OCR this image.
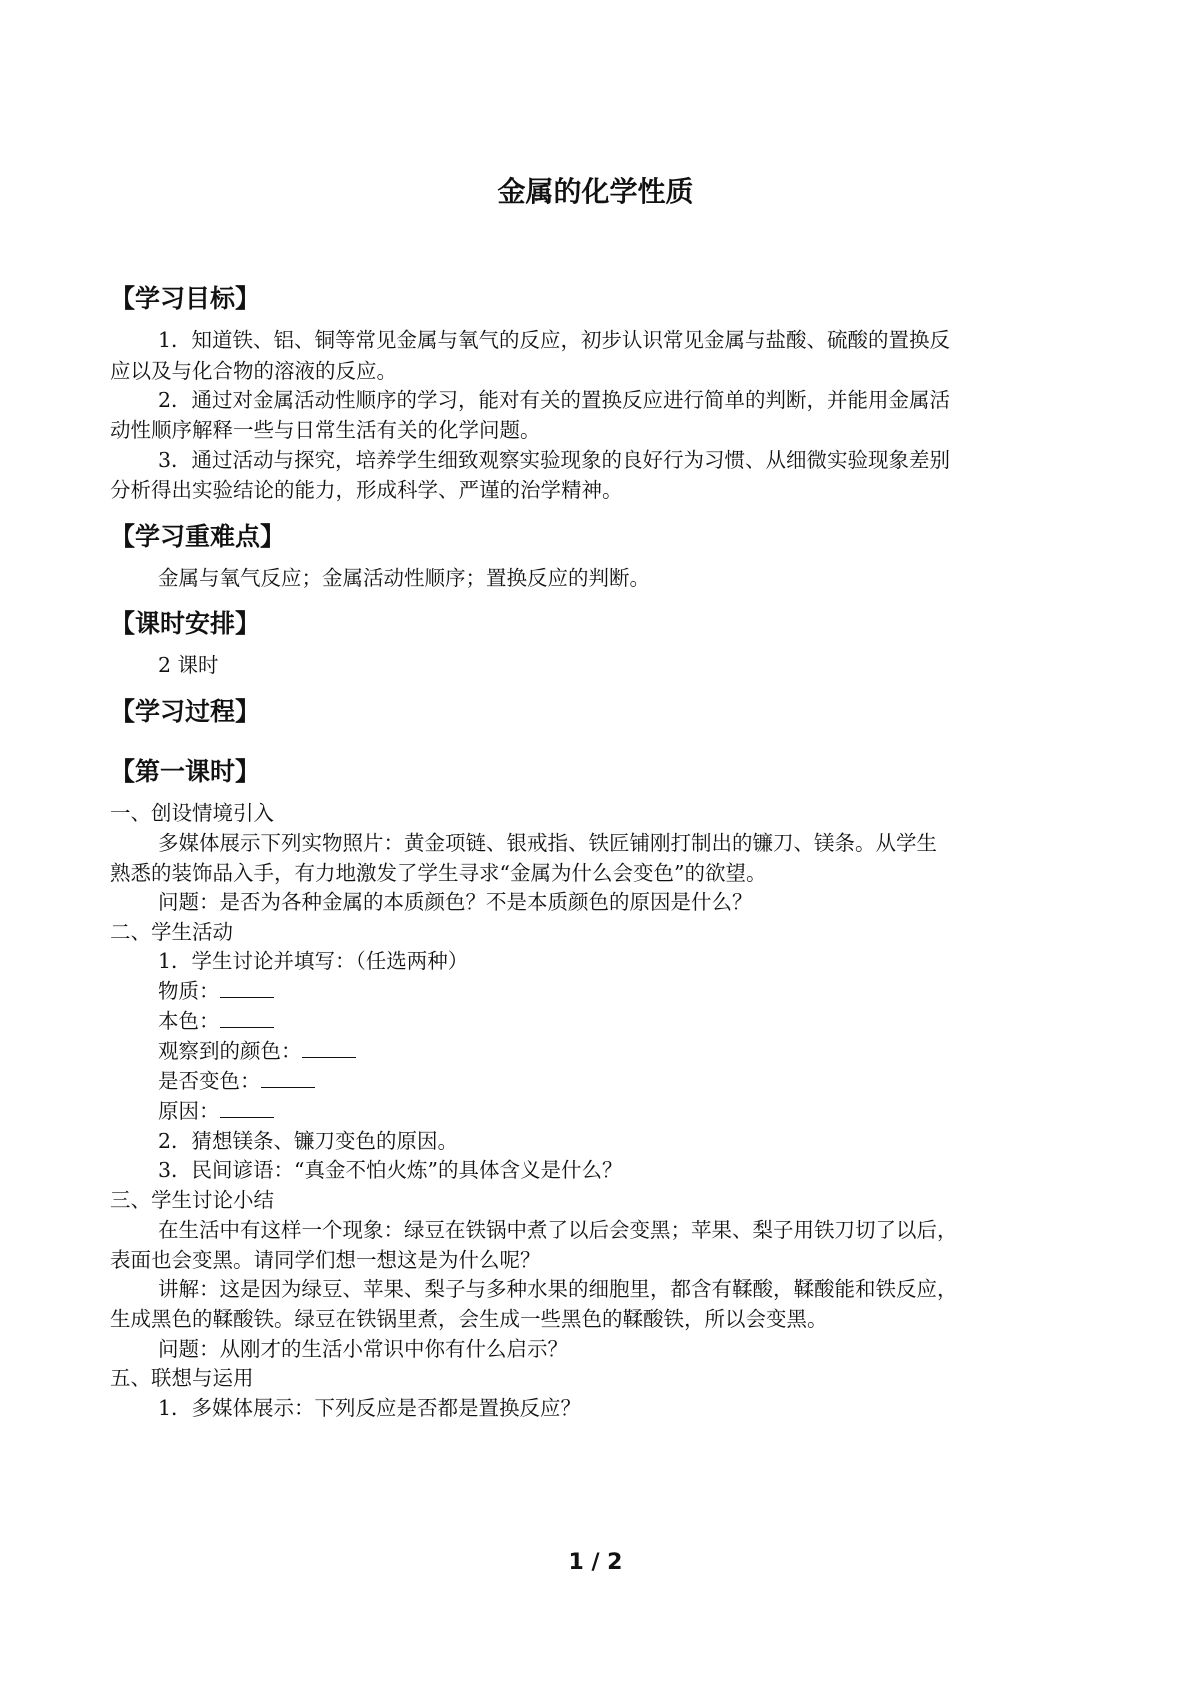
金属的化学性质
【学习目标】
1．知道铁、铝、铜等常见金属与氧气的反应，初步认识常见金属与盐酸、硫酸的置换反
应以及与化合物的溶液的反应。
2．通过对金属活动性顺序的学习，能对有关的置换反应进行简单的判断，并能用金属活
动性顺序解释一些与日常生活有关的化学问题。
3．通过活动与探究，培养学生细致观察实验现象的良好行为习惯、从细微实验现象差别
分析得出实验结论的能力，形成科学、严谨的治学精神。
【学习重难点】
金属与氧气反应；金属活动性顺序；置换反应的判断。
【课时安排】
2 课时
【学习过程】
【第一课时】
一、创设情境引入
多媒体展示下列实物照片：黄金项链、银戒指、铁匠铺刚打制出的镰刀、镁条。从学生
熟悉的装饰品入手，有力地激发了学生寻求“金属为什么会变色”的欲望。
问题：是否为各种金属的本质颜色？不是本质颜色的原因是什么？
二、学生活动
1．学生讨论并填写：（任选两种）
物质：
本色：
观察到的颜色：
是否变色：
原因：
2．猜想镁条、镰刀变色的原因。
3．民间谚语：“真金不怕火炼”的具体含义是什么？
三、学生讨论小结
在生活中有这样一个现象：绿豆在铁锅中煮了以后会变黑；苹果、梨子用铁刀切了以后，
表面也会变黑。请同学们想一想这是为什么呢？
讲解：这是因为绿豆、苹果、梨子与多种水果的细胞里，都含有鞣酸，鞣酸能和铁反应，
生成黑色的鞣酸铁。绿豆在铁锅里煮，会生成一些黑色的鞣酸铁，所以会变黑。
问题：从刚才的生活小常识中你有什么启示？
五、联想与运用
1．多媒体展示：下列反应是否都是置换反应？
1 / 2
